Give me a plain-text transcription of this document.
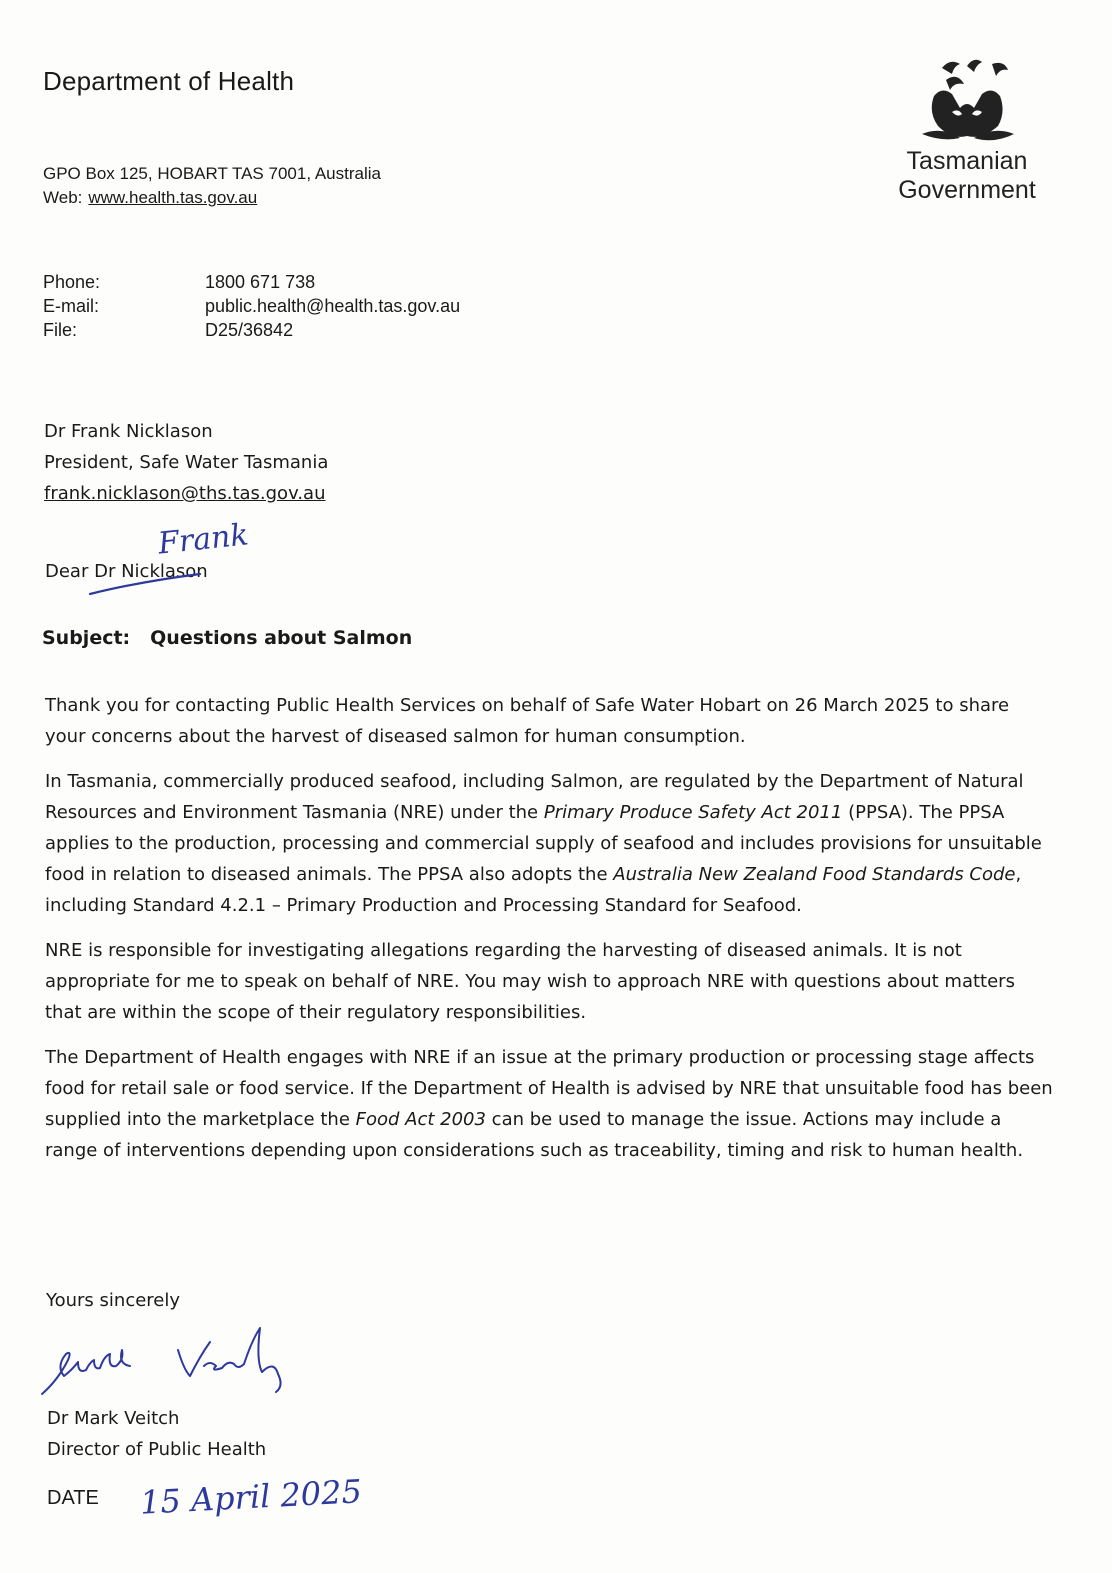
Department of Health
GPO Box 125, HOBART TAS 7001, Australia
Web: www.health.tas.gov.au
Tasmanian
Government
Phone:	1800 671 738
E-mail:	public.health@health.tas.gov.au
File:	D25/36842
Dr Frank Nicklason
President, Safe Water Tasmania
frank.nicklason@ths.tas.gov.au
Dear Dr Nicklason
Frank
Subject: Questions about Salmon

Thank you for contacting Public Health Services on behalf of Safe Water Hobart on 26 March 2025 to share your concerns about the harvest of diseased salmon for human consumption.

In Tasmania, commercially produced seafood, including Salmon, are regulated by the Department of Natural Resources and Environment Tasmania (NRE) under the Primary Produce Safety Act 2011 (PPSA). The PPSA applies to the production, processing and commercial supply of seafood and includes provisions for unsuitable food in relation to diseased animals. The PPSA also adopts the Australia New Zealand Food Standards Code, including Standard 4.2.1 – Primary Production and Processing Standard for Seafood.

NRE is responsible for investigating allegations regarding the harvesting of diseased animals. It is not appropriate for me to speak on behalf of NRE. You may wish to approach NRE with questions about matters that are within the scope of their regulatory responsibilities.

The Department of Health engages with NRE if an issue at the primary production or processing stage affects food for retail sale or food service. If the Department of Health is advised by NRE that unsuitable food has been supplied into the marketplace the Food Act 2003 can be used to manage the issue. Actions may include a range of interventions depending upon considerations such as traceability, timing and risk to human health.

Yours sincerely
Dr Mark Veitch
Director of Public Health
DATE 15 April 2025
